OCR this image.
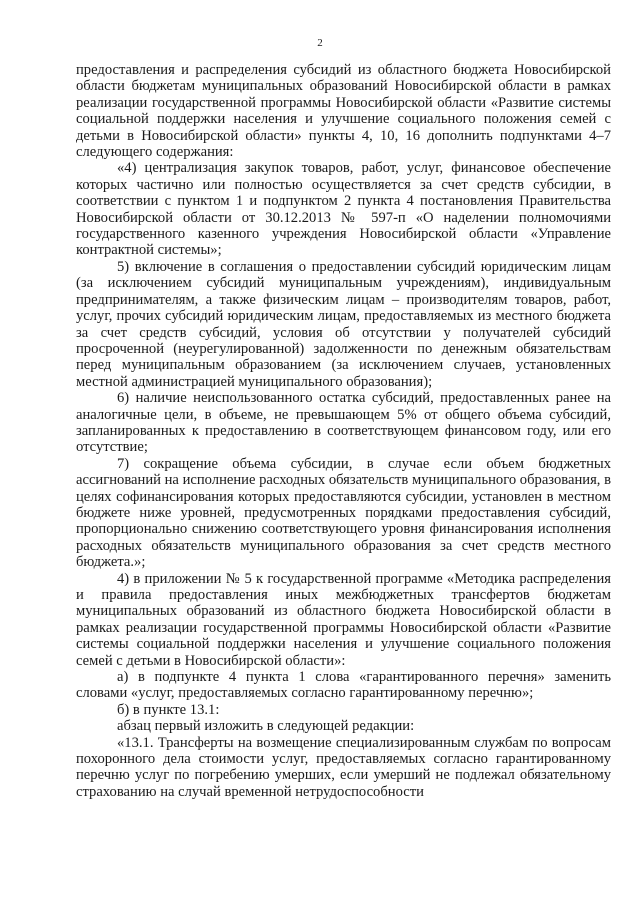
2

предоставления и распределения субсидий из областного бюджета Новосибирской области бюджетам муниципальных образований Новосибирской области в рамках реализации государственной программы Новосибирской области «Развитие системы социальной поддержки населения и улучшение социального положения семей с детьми в Новосибирской области» пункты 4, 10, 16 дополнить подпунктами 4–7 следующего содержания:

«4) централизация закупок товаров, работ, услуг, финансовое обеспечение которых частично или полностью осуществляется за счет средств субсидии, в соответствии с пунктом 1 и подпунктом 2 пункта 4 постановления Правительства Новосибирской области от 30.12.2013 № 597-п «О наделении полномочиями государственного казенного учреждения Новосибирской области «Управление контрактной системы»;

5) включение в соглашения о предоставлении субсидий юридическим лицам (за исключением субсидий муниципальным учреждениям), индивидуальным предпринимателям, а также физическим лицам – производителям товаров, работ, услуг, прочих субсидий юридическим лицам, предоставляемых из местного бюджета за счет средств субсидий, условия об отсутствии у получателей субсидий просроченной (неурегулированной) задолженности по денежным обязательствам перед муниципальным образованием (за исключением случаев, установленных местной администрацией муниципального образования);

6) наличие неиспользованного остатка субсидий, предоставленных ранее на аналогичные цели, в объеме, не превышающем 5% от общего объема субсидий, запланированных к предоставлению в соответствующем финансовом году, или его отсутствие;

7) сокращение объема субсидии, в случае если объем бюджетных ассигнований на исполнение расходных обязательств муниципального образования, в целях софинансирования которых предоставляются субсидии, установлен в местном бюджете ниже уровней, предусмотренных порядками предоставления субсидий, пропорционально снижению соответствующего уровня финансирования исполнения расходных обязательств муниципального образования за счет средств местного бюджета.»;

4) в приложении № 5 к государственной программе «Методика распределения и правила предоставления иных межбюджетных трансфертов бюджетам муниципальных образований из областного бюджета Новосибирской области в рамках реализации государственной программы Новосибирской области «Развитие системы социальной поддержки населения и улучшение социального положения семей с детьми в Новосибирской области»:

а) в подпункте 4 пункта 1 слова «гарантированного перечня» заменить словами «услуг, предоставляемых согласно гарантированному перечню»;

б) в пункте 13.1:

абзац первый изложить в следующей редакции:

«13.1. Трансферты на возмещение специализированным службам по вопросам похоронного дела стоимости услуг, предоставляемых согласно гарантированному перечню услуг по погребению умерших, если умерший не подлежал обязательному страхованию на случай временной нетрудоспособности
